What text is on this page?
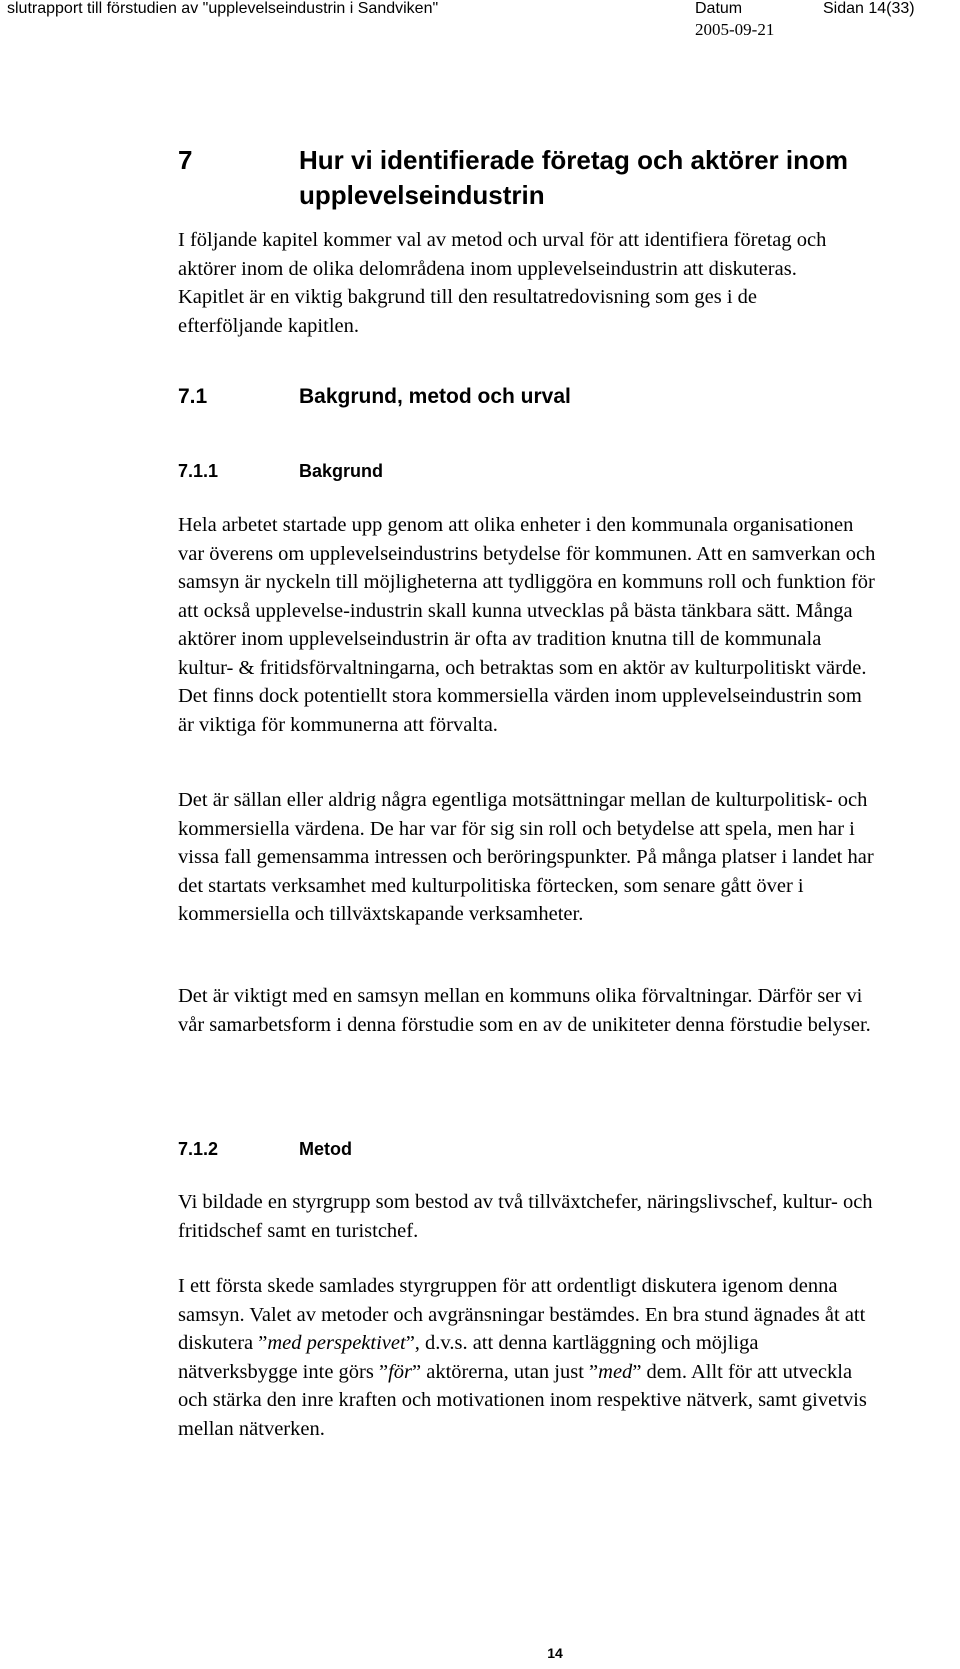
slutrapport till förstudien av "upplevelseindustrin i Sandviken"	Datum	Sidan 14(33)
2005-09-21
7	Hur vi identifierade företag och aktörer inom upplevelseindustrin

I följande kapitel kommer val av metod och urval för att identifiera företag och aktörer inom de olika delområdena inom upplevelseindustrin att diskuteras. Kapitlet är en viktig bakgrund till den resultatredovisning som ges i de efterföljande kapitlen.

7.1	Bakgrund, metod och urval
7.1.1	Bakgrund

Hela arbetet startade upp genom att olika enheter i den kommunala organisationen var överens om upplevelseindustrins betydelse för kommunen. Att en samverkan och samsyn är nyckeln till möjligheterna att tydliggöra en kommuns roll och funktion för att också upplevelse-industrin skall kunna utvecklas på bästa tänkbara sätt. Många aktörer inom upplevelseindustrin är ofta av tradition knutna till de kommunala kultur- & fritidsförvaltningarna, och betraktas som en aktör av kulturpolitiskt värde. Det finns dock potentiellt stora kommersiella värden inom upplevelseindustrin som är viktiga för kommunerna att förvalta.

Det är sällan eller aldrig några egentliga motsättningar mellan de kulturpolitisk- och kommersiella värdena. De har var för sig sin roll och betydelse att spela, men har i vissa fall gemensamma intressen och beröringspunkter. På många platser i landet har det startats verksamhet med kulturpolitiska förtecken, som senare gått över i kommersiella och tillväxtskapande verksamheter.

Det är viktigt med en samsyn mellan en kommuns olika förvaltningar. Därför ser vi vår samarbetsform i denna förstudie som en av de unikiteter denna förstudie belyser.

7.1.2	Metod

Vi bildade en styrgrupp som bestod av två tillväxtchefer, näringslivschef, kultur- och fritidschef samt en turistchef.

I ett första skede samlades styrgruppen för att ordentligt diskutera igenom denna samsyn. Valet av metoder och avgränsningar bestämdes. En bra stund ägnades åt att diskutera ”med perspektivet”, d.v.s. att denna kartläggning och möjliga nätverksbygge inte görs ”för” aktörerna, utan just ”med” dem. Allt för att utveckla och stärka den inre kraften och motivationen inom respektive nätverk, samt givetvis mellan nätverken.

14
